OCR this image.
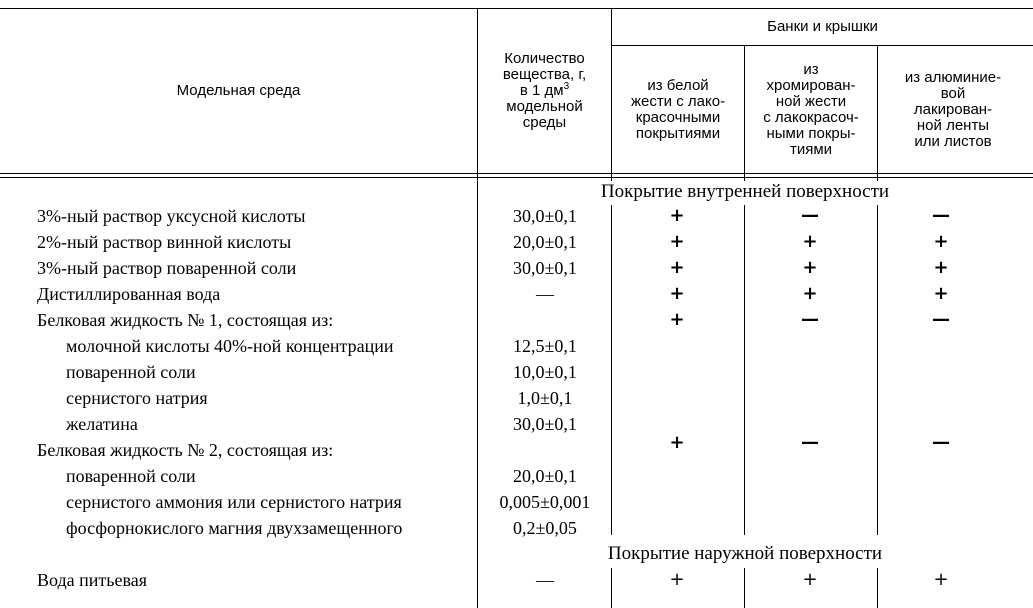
Модельная среда
Количество
вещества, г,
в 1 $дм^3$
модельной
среды
Банки и крышки
из белой
жести с лако-
красочными
покрытиями
из
хромирован-
ной жести
с лакокрасоч-
ными покры-
тиями
из алюминие-
вой
лакирован-
ной ленты
или листов
Покрытие внутренней поверхности
Покрытие наружной поверхности
3%-ный раствор уксусной кислоты
2%-ный раствор винной кислоты
3%-ный раствор поваренной соли
Дистиллированная вода
Белковая жидкость № 1, состоящая из:
молочной кислоты 40%-ной концентрации
поваренной соли
сернистого натрия
желатина
Белковая жидкость № 2, состоящая из:
поваренной соли
сернистого аммония или сернистого натрия
фосфорнокислого магния двухзамещенного
Вода питьевая
30,0±0,1
20,0±0,1
30,0±0,1
—
12,5±0,1
10,0±0,1
1,0±0,1
30,0±0,1
20,0±0,1
0,005±0,001
0,2±0,05
—
+
+
+
+
+
+
+
—
+
+
+
—
—
+
—
+
+
+
—
—
+
